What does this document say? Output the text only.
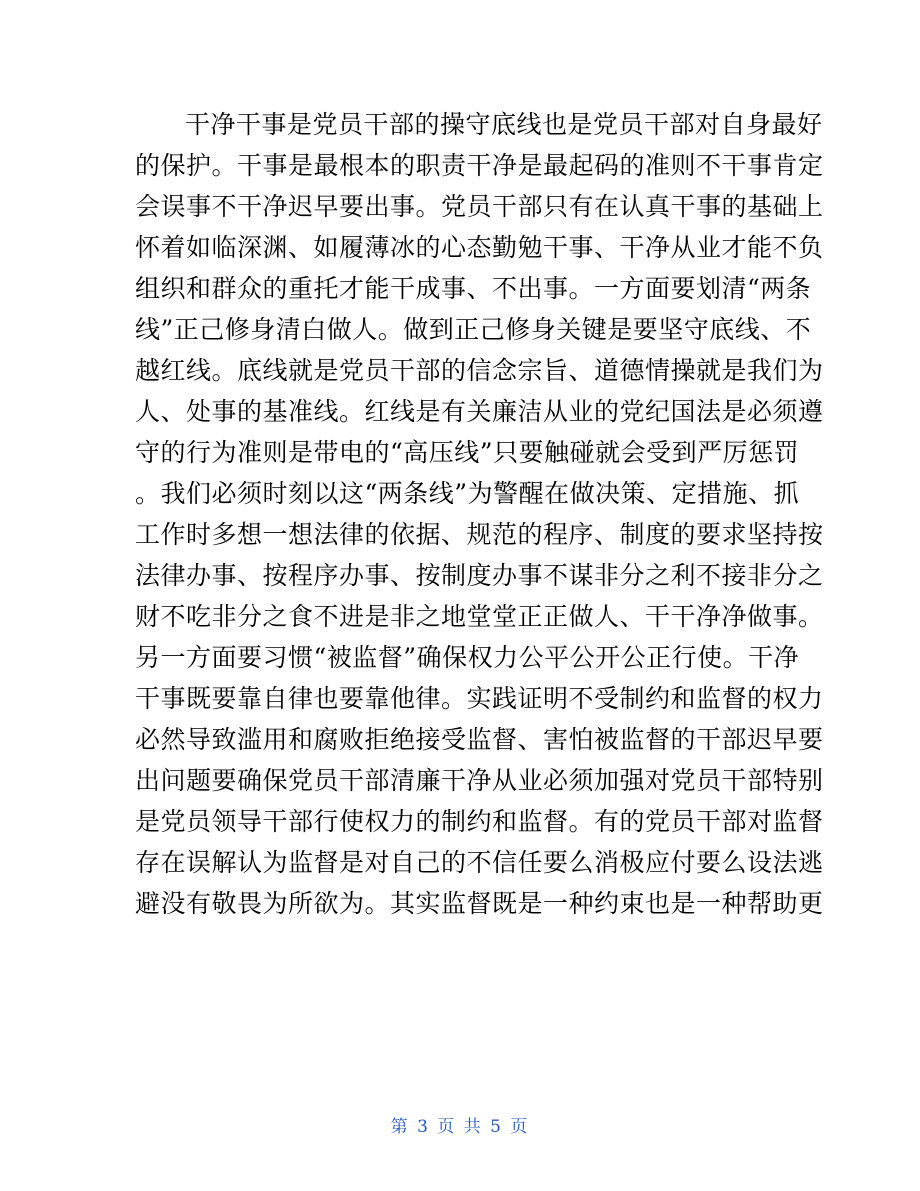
干净干事是党员干部的操守底线也是党员干部对自身最好
的保护。干事是最根本的职责干净是最起码的准则不干事肯定
会误事不干净迟早要出事。党员干部只有在认真干事的基础上
怀着如临深渊、如履薄冰的心态勤勉干事、干净从业才能不负
组织和群众的重托才能干成事、不出事。一方面要划清“两条
线”正己修身清白做人。做到正己修身关键是要坚守底线、不
越红线。底线就是党员干部的信念宗旨、道德情操就是我们为
人、处事的基准线。红线是有关廉洁从业的党纪国法是必须遵
守的行为准则是带电的“高压线”只要触碰就会受到严厉惩罚
。我们必须时刻以这“两条线”为警醒在做决策、定措施、抓
工作时多想一想法律的依据、规范的程序、制度的要求坚持按
法律办事、按程序办事、按制度办事不谋非分之利不接非分之
财不吃非分之食不进是非之地堂堂正正做人、干干净净做事。
另一方面要习惯“被监督”确保权力公平公开公正行使。干净
干事既要靠自律也要靠他律。实践证明不受制约和监督的权力
必然导致滥用和腐败拒绝接受监督、害怕被监督的干部迟早要
出问题要确保党员干部清廉干净从业必须加强对党员干部特别
是党员领导干部行使权力的制约和监督。有的党员干部对监督
存在误解认为监督是对自己的不信任要么消极应付要么设法逃
避没有敬畏为所欲为。其实监督既是一种约束也是一种帮助更
第 3 页 共 5 页
